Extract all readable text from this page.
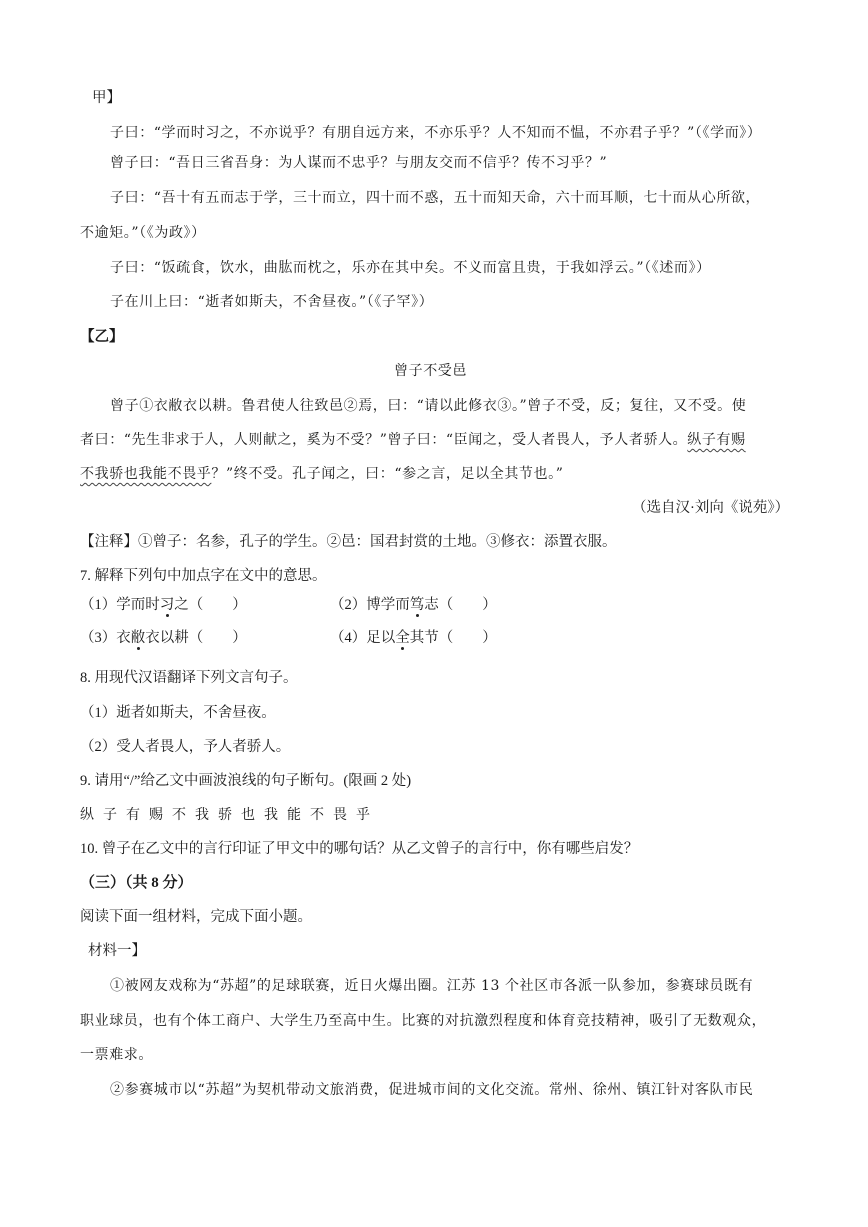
甲】
子曰：“学而时习之，不亦说乎？有朋自远方来，不亦乐乎？人不知而不愠，不亦君子乎？”（《学而》）
曾子曰：“吾日三省吾身：为人谋而不忠乎？与朋友交而不信乎？传不习乎？”
子曰：“吾十有五而志于学，三十而立，四十而不惑，五十而知天命，六十而耳顺，七十而从心所欲，
不逾矩。”（《为政》）
子曰：“饭疏食，饮水，曲肱而枕之，乐亦在其中矣。不义而富且贵，于我如浮云。”（《述而》）
子在川上曰：“逝者如斯夫，不舍昼夜。”（《子罕》）
【乙】
曾子不受邑
曾子①衣敝衣以耕。鲁君使人往致邑②焉，曰：“请以此修衣③。”曾子不受，反；复往，又不受。使
者曰：“先生非求于人，人则献之，奚为不受？”曾子曰：“臣闻之，受人者畏人，予人者骄人。纵子有赐
不我骄也我能不畏乎？”终不受。孔子闻之，曰：“参之言，足以全其节也。”
（选自汉·刘向《说苑》）
【注释】①曾子：名参，孔子的学生。②邑：国君封赏的土地。③修衣：添置衣服。
7. 解释下列句中加点字在文中的意思。
（1）学而时习之（        ）	（2）博学而笃志（        ）
（3）衣敝衣以耕（        ）	（4）足以全其节（        ）
8. 用现代汉语翻译下列文言句子。
（1）逝者如斯夫，不舍昼夜。
（2）受人者畏人，予人者骄人。
9. 请用“/”给乙文中画波浪线的句子断句。(限画 2 处)
纵子有赐不我骄也我能不畏乎
10. 曾子在乙文中的言行印证了甲文中的哪句话？从乙文曾子的言行中，你有哪些启发？
（三）（共 8 分）
阅读下面一组材料，完成下面小题。
材料一】
①被网友戏称为“苏超”的足球联赛，近日火爆出圈。江苏 13 个社区市各派一队参加，参赛球员既有
职业球员，也有个体工商户、大学生乃至高中生。比赛的对抗激烈程度和体育竞技精神，吸引了无数观众，
一票难求。
②参赛城市以“苏超”为契机带动文旅消费，促进城市间的文化交流。常州、徐州、镇江针对客队市民
